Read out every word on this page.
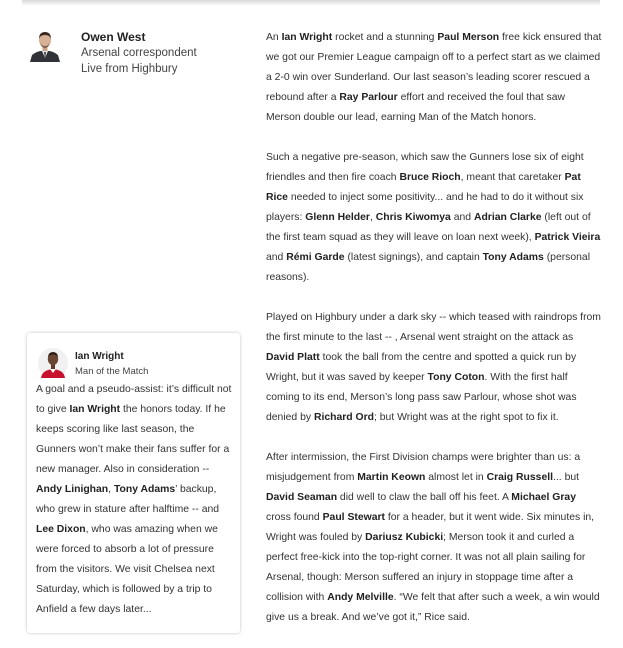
Owen West
Arsenal correspondent
Live from Highbury

An Ian Wright rocket and a stunning Paul Merson free kick ensured that we got our Premier League campaign off to a perfect start as we claimed a 2-0 win over Sunderland. Our last season’s leading scorer rescued a rebound after a Ray Parlour effort and received the foul that saw Merson double our lead, earning Man of the Match honors.

Such a negative pre-season, which saw the Gunners lose six of eight friendles and then fire coach Bruce Rioch, meant that caretaker Pat Rice needed to inject some positivity... and he had to do it without six players: Glenn Helder, Chris Kiwomya and Adrian Clarke (left out of the first team squad as they will leave on loan next week), Patrick Vieira and Rémi Garde (latest signings), and captain Tony Adams (personal reasons).

Played on Highbury under a dark sky -- which teased with raindrops from the first minute to the last -- , Arsenal went straight on the attack as David Platt took the ball from the centre and spotted a quick run by Wright, but it was saved by keeper Tony Coton. With the first half coming to its end, Merson’s long pass saw Parlour, whose shot was denied by Richard Ord; but Wright was at the right spot to fix it.

After intermission, the First Division champs were brighter than us: a misjudgement from Martin Keown almost let in Craig Russell... but David Seaman did well to claw the ball off his feet. A Michael Gray cross found Paul Stewart for a header, but it went wide. Six minutes in, Wright was fouled by Dariusz Kubicki; Merson took it and curled a perfect free-kick into the top-right corner. It was not all plain sailing for Arsenal, though: Merson suffered an injury in stoppage time after a collision with Andy Melville. “We felt that after such a week, a win would give us a break. And we’ve got it,” Rice said.

Ian Wright
Man of the Match

A goal and a pseudo-assist: it’s difficult not to give Ian Wright the honors today. If he keeps scoring like last season, the Gunners won’t make their fans suffer for a new manager. Also in consideration -- Andy Linighan, Tony Adams’ backup, who grew in stature after halftime -- and Lee Dixon, who was amazing when we were forced to absorb a lot of pressure from the visitors. We visit Chelsea next Saturday, which is followed by a trip to Anfield a few days later...
